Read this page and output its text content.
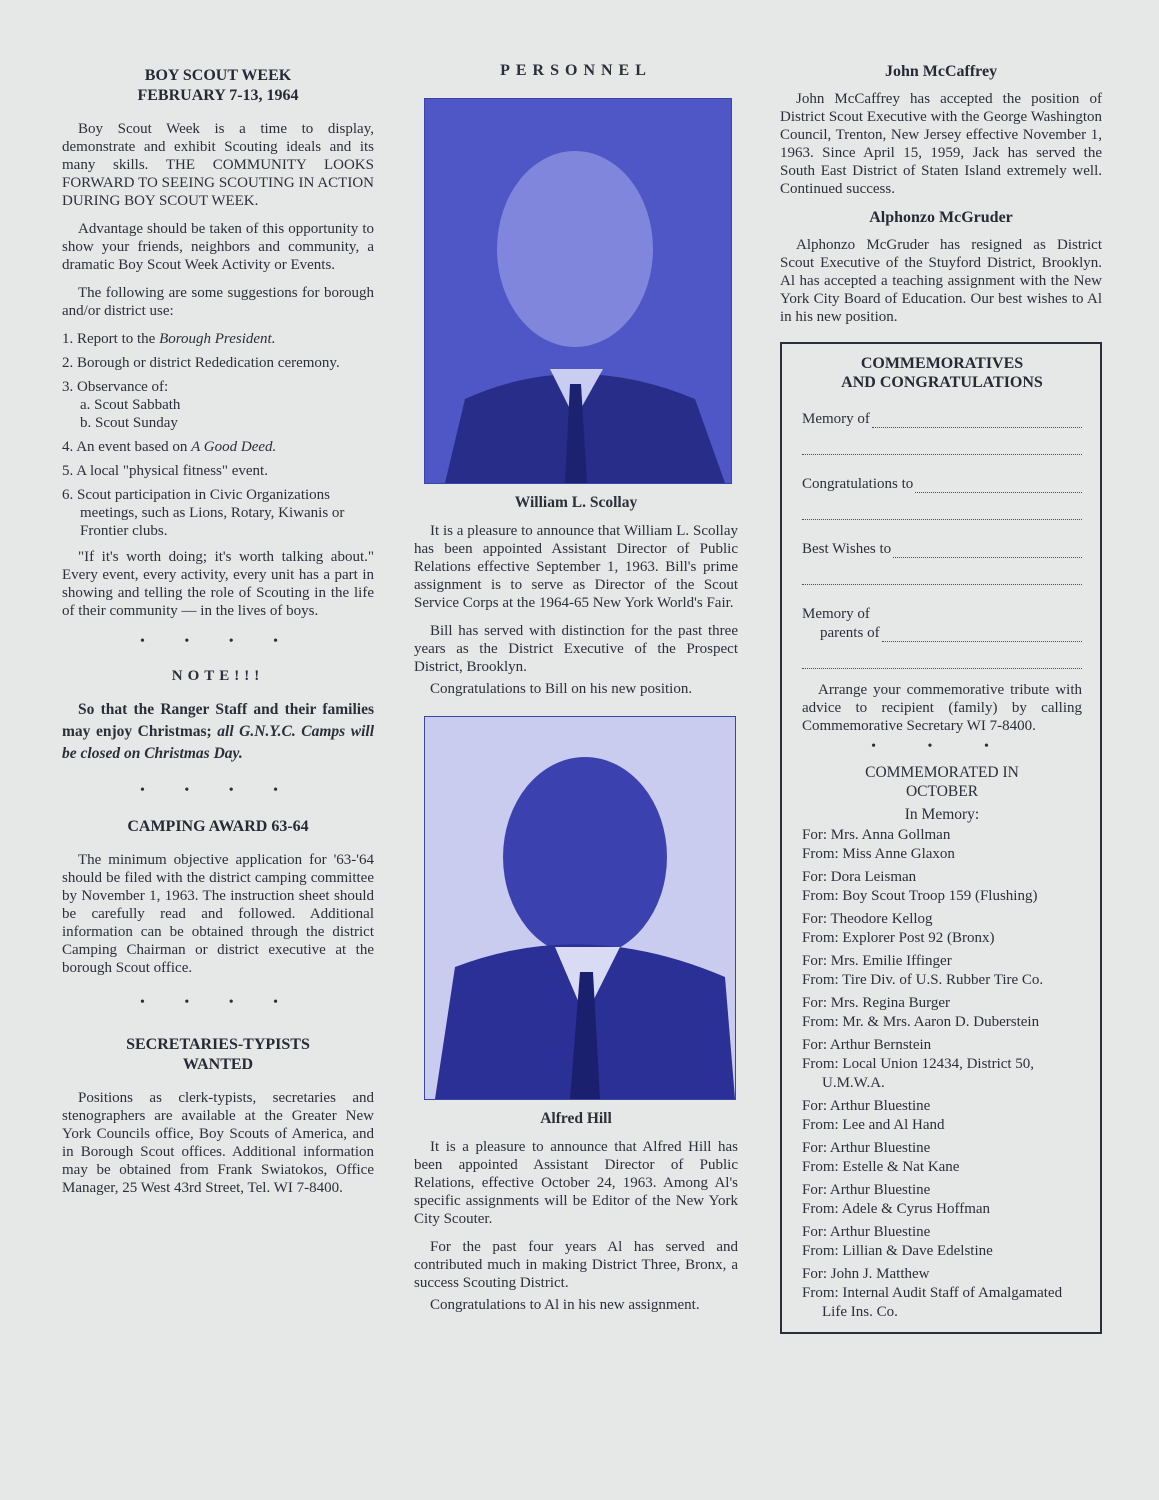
BOY SCOUT WEEK
FEBRUARY 7-13, 1964

Boy Scout Week is a time to display, demonstrate and exhibit Scouting ideals and its many skills. THE COMMUNITY LOOKS FORWARD TO SEEING SCOUTING IN ACTION DURING BOY SCOUT WEEK.

Advantage should be taken of this opportunity to show your friends, neighbors and community, a dramatic Boy Scout Week Activity or Events.

The following are some suggestions for borough and/or district use:

1. Report to the Borough President.
2. Borough or district Rededication ceremony.
3. Observance of:
a. Scout Sabbath
b. Scout Sunday
4. An event based on A Good Deed.
5. A local "physical fitness" event.
6. Scout participation in Civic Organizations meetings, such as Lions, Rotary, Kiwanis or Frontier clubs.

"If it's worth doing; it's worth talking about." Every event, every activity, every unit has a part in showing and telling the role of Scouting in the life of their community — in the lives of boys.

• • • •
NOTE!!!

So that the Ranger Staff and their families may enjoy Christmas; all G.N.Y.C. Camps will be closed on Christmas Day.

• • • •
CAMPING AWARD 63-64

The minimum objective application for '63-'64 should be filed with the district camping committee by November 1, 1963. The instruction sheet should be carefully read and followed. Additional information can be obtained through the district Camping Chairman or district executive at the borough Scout office.

• • • •
SECRETARIES-TYPISTS
WANTED

Positions as clerk-typists, secretaries and stenographers are available at the Greater New York Councils office, Boy Scouts of America, and in Borough Scout offices. Additional information may be obtained from Frank Swiatokos, Office Manager, 25 West 43rd Street, Tel. WI 7-8400.

PERSONNEL
William L. Scollay

It is a pleasure to announce that William L. Scollay has been appointed Assistant Director of Public Relations effective September 1, 1963. Bill's prime assignment is to serve as Director of the Scout Service Corps at the 1964-65 New York World's Fair.

Bill has served with distinction for the past three years as the District Executive of the Prospect District, Brooklyn.

Congratulations to Bill on his new position.

Alfred Hill

It is a pleasure to announce that Alfred Hill has been appointed Assistant Director of Public Relations, effective October 24, 1963. Among Al's specific assignments will be Editor of the New York City Scouter.

For the past four years Al has served and contributed much in making District Three, Bronx, a success Scouting District.

Congratulations to Al in his new assignment.

John McCaffrey

John McCaffrey has accepted the position of District Scout Executive with the George Washington Council, Trenton, New Jersey effective November 1, 1963. Since April 15, 1959, Jack has served the South East District of Staten Island extremely well. Continued success.

Alphonzo McGruder

Alphonzo McGruder has resigned as District Scout Executive of the Stuyford District, Brooklyn. Al has accepted a teaching assignment with the New York City Board of Education. Our best wishes to Al in his new position.

COMMEMORATIVES
AND CONGRATULATIONS
Memory of
Congratulations to
Best Wishes to
Memory of
parents of

Arrange your commemorative tribute with advice to recipient (family) by calling Commemorative Secretary WI 7-8400.

• • •
COMMEMORATED IN
OCTOBER
In Memory:
For: Mrs. Anna Gollman
From: Miss Anne Glaxon
For: Dora Leisman
From: Boy Scout Troop 159 (Flushing)
For: Theodore Kellog
From: Explorer Post 92 (Bronx)
For: Mrs. Emilie Iffinger
From: Tire Div. of U.S. Rubber Tire Co.
For: Mrs. Regina Burger
From: Mr. & Mrs. Aaron D. Duberstein
For: Arthur Bernstein
From: Local Union 12434, District 50, U.M.W.A.
For: Arthur Bluestine
From: Lee and Al Hand
For: Arthur Bluestine
From: Estelle & Nat Kane
For: Arthur Bluestine
From: Adele & Cyrus Hoffman
For: Arthur Bluestine
From: Lillian & Dave Edelstine
For: John J. Matthew
From: Internal Audit Staff of Amalgamated Life Ins. Co.
